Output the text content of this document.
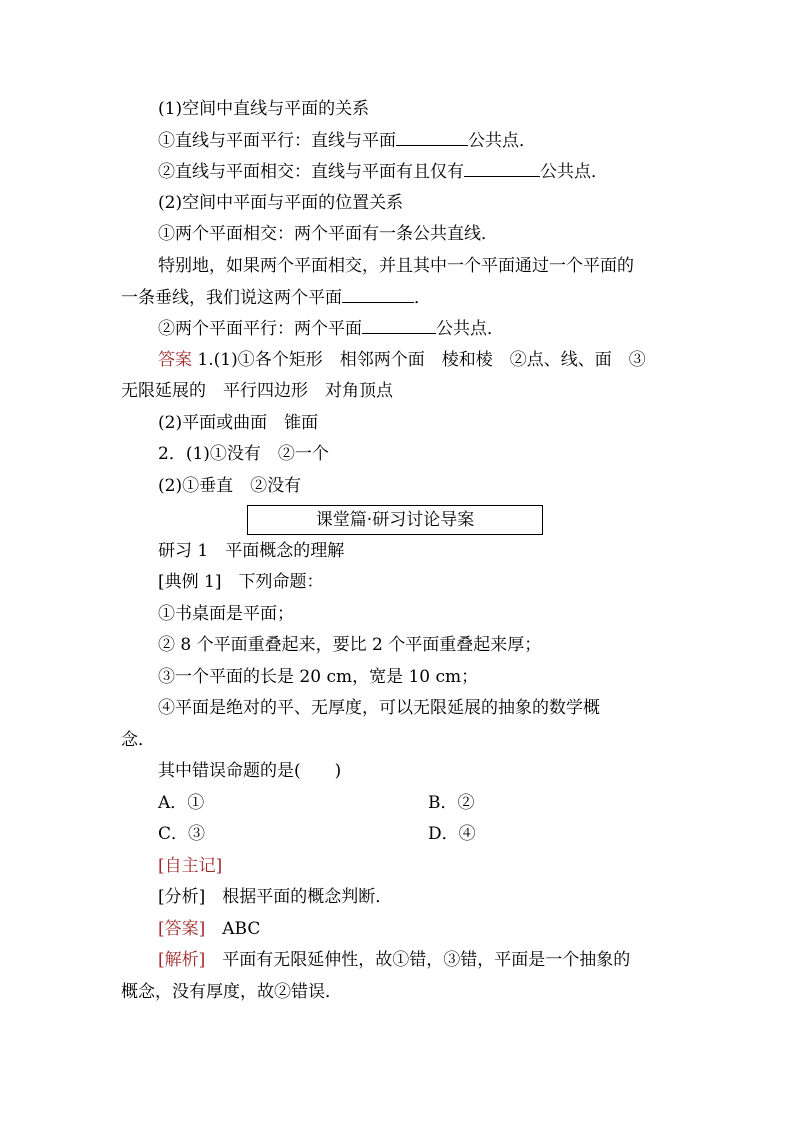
(1)空间中直线与平面的关系
①直线与平面平行：直线与平面	公共点．
②直线与平面相交：直线与平面有且仅有	公共点．
(2)空间中平面与平面的位置关系
①两个平面相交：两个平面有一条公共直线．
特别地，如果两个平面相交，并且其中一个平面通过一个平面的
一条垂线，我们说这两个平面	．
②两个平面平行：两个平面	公共点．
答案 1.(1)①各个矩形　相邻两个面　棱和棱　②点、线、面　③
无限延展的　平行四边形　对角顶点
(2)平面或曲面　锥面
2．(1)①没有　②一个
(2)①垂直　②没有
课堂篇·研习讨论导案
研习 1　平面概念的理解
[典例 1]　下列命题：
①书桌面是平面；
② 8 个平面重叠起来，要比 2 个平面重叠起来厚；
③一个平面的长是 20 cm，宽是 10 cm；
④平面是绝对的平、无厚度，可以无限延展的抽象的数学概
念．
其中错误命题的是(　　)
A．①	B．②
C．③	D．④
[自主记]
[分析]　根据平面的概念判断．
[答案]　ABC
[解析]　平面有无限延伸性，故①错，③错，平面是一个抽象的
概念，没有厚度，故②错误．
